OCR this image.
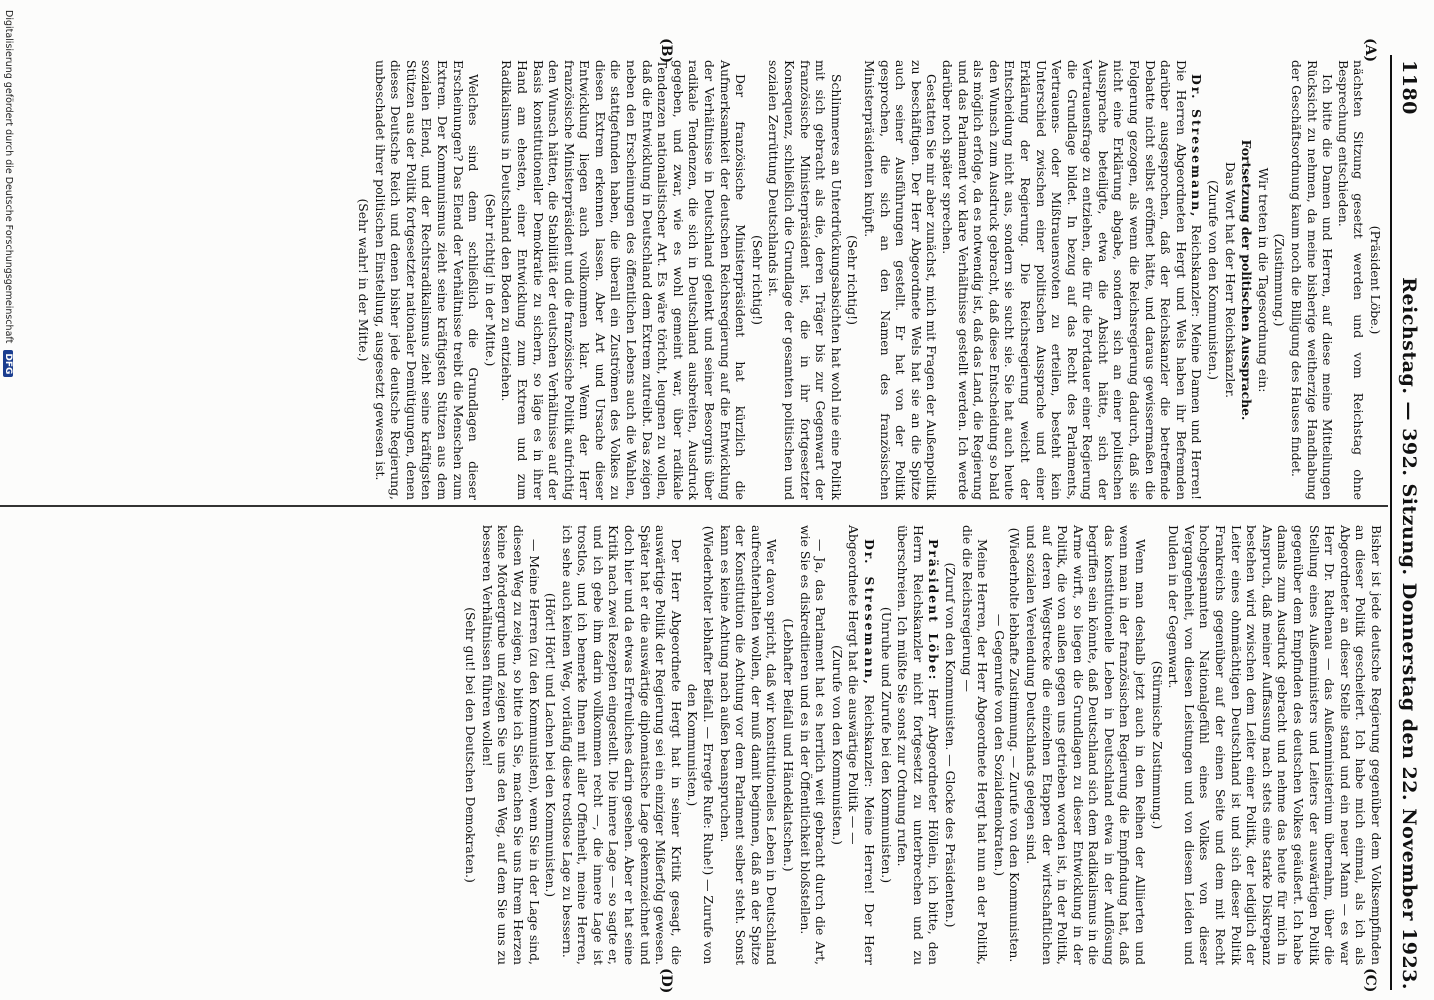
1180
Reichstag. — 392. Sitzung. Donnerstag den 22. November 1923.
(A)
(B)
(C)
(D)

(Präsident Löbe.)

nächsten Sitzung gesetzt werden und vom Reichstag ohne Besprechung entschieden.

Ich bitte die Damen und Herren, auf diese meine Mitteilungen Rücksicht zu nehmen, da meine bisherige weitherzige Handhabung der Geschäftsordnung kaum noch die Billigung des Hauses findet.

(Zustimmung.)

Wir treten in die Tagesordnung ein:

Fortsetzung der politischen Aussprache.

Das Wort hat der Herr Reichskanzler.

(Zurufe von den Kommunisten.)

Dr. Stresemann, Reichskanzler: Meine Damen und Herren! Die Herren Abgeordneten Hergt und Wels haben ihr Befremden darüber ausgesprochen, daß der Reichskanzler die betreffende Debatte nicht selbst eröffnet hätte, und daraus gewissermaßen die Folgerung gezogen, als wenn die Reichsregierung dadurch, daß sie nicht eine Erklärung abgabe, sondern sich an einer politischen Aussprache beteiligte, etwa die Absicht hätte, sich der Vertrauensfrage zu entziehen, die für die Fortdauer einer Regierung die Grundlage bildet. In bezug auf das Recht des Parlaments, Vertrauens- oder Mißtrauensvoten zu erteilen, besteht kein Unterschied zwischen einer politischen Aussprache und einer Erklärung der Regierung. Die Reichsregierung weicht der Entscheidung nicht aus, sondern sie sucht sie. Sie hat auch heute den Wunsch zum Ausdruck gebracht, daß diese Entscheidung so bald als möglich erfolge, da es notwendig ist, daß das Land, die Regierung und das Parlament vor klare Verhältnisse gestellt werden. Ich werde darüber noch später sprechen.

Gestatten Sie mir aber zunächst, mich mit Fragen der Außenpolitik zu beschäftigen. Der Herr Abgeordnete Wels hat sie an die Spitze auch seiner Ausführungen gestellt. Er hat von der Politik gesprochen, die sich an den Namen des französischen Ministerpräsidenten knüpft.

(Sehr richtig!)

Schlimmeres an Unterdrückungsabsichten hat wohl nie eine Politik mit sich gebracht als die, deren Träger bis zur Gegenwart der französische Ministerpräsident ist, die in ihr fortgesetzter Konsequenz, schließlich die Grundlage der gesamten politischen und sozialen Zerrüttung Deutschlands ist.

(Sehr richtig!)

Der französische Ministerpräsident hat kürzlich die Aufmerksamkeit der deutschen Reichsregierung auf die Entwicklung der Verhältnisse in Deutschland gelenkt und seiner Besorgnis über radikale Tendenzen, die sich in Deutschland ausbreiten, Ausdruck gegeben, und zwar, wie es wohl gemeint war, über radikale Tendenzen nationalistischer Art. Es wäre töricht, leugnen zu wollen, daß die Entwicklung in Deutschland dem Extrem zutreibt. Das zeigen neben den Erscheinungen des öffentlichen Lebens auch die Wahlen, die stattgefunden haben, die überall ein Zuströmen des Volkes zu diesen Extrem erkennen lassen. Aber Art und Ursache dieser Entwicklung liegen auch vollkommen klar. Wenn der Herr französische Ministerpräsident und die französische Politik aufrichtig den Wunsch hätten, die Stabilität der deutschen Verhältnisse auf der Basis konstitutioneller Demokratie zu sichern, so läge es in ihrer Hand am ehesten, einer Entwicklung zum Extrem und zum Radikalismus in Deutschland den Boden zu entziehen.

(Sehr richtig! in der Mitte.)

Welches sind denn schließlich die Grundlagen dieser Erscheinungen? Das Elend der Verhältnisse treibt die Menschen zum Extrem. Der Kommunismus zieht seine kräftigsten Stützen aus dem sozialen Elend, und der Rechtsradikalismus zieht seine kräftigsten Stützen aus der Politik fortgesetzter nationaler Demütigungen, denen dieses Deutsche Reich und denen bisher jede deutsche Regierung, unbeschadet ihrer politischen Einstellung, ausgesetzt gewesen ist.

(Sehr wahr! in der Mitte.)

Bisher ist jede deutsche Regierung gegenüber dem Volksempfinden an dieser Politik gescheitert. Ich habe mich einmal, als ich als Abgeordneter an dieser Stelle stand und ein neuer Mann — es war Herr Dr. Rathenau — das Außenministerium übernahm, über die Stellung eines Außenministers und Leiters der auswärtigen Politik gegenüber dem Empfinden des deutschen Volkes geäußert. Ich habe damals zum Ausdruck gebracht und nehme das heute für mich in Anspruch, daß meiner Auffassung nach stets eine starke Diskrepanz bestehen wird zwischen dem Leiter einer Politik, der lediglich der Leiter eines ohnmächtigen Deutschland ist und sich dieser Politik Frankreichs gegenüber auf der einen Seite und dem mit Recht hochgespannten Nationalgefühl eines Volkes von dieser Vergangenheit, von diesen Leistungen und von diesem Leiden und Dulden in der Gegenwart.

(Stürmische Zustimmung.)

Wenn man deshalb jetzt auch in den Reihen der Alliierten und wenn man in der französischen Regierung die Empfindung hat, daß das konstitutionelle Leben in Deutschland etwa in der Auflösung begriffen sein könnte, daß Deutschland sich dem Radikalismus in die Arme wirft, so liegen die Grundlagen zu dieser Entwicklung in der Politik, die von außen gegen uns getrieben worden ist, in der Politik, auf deren Wegstrecke die einzelnen Etappen der wirtschaftlichen und sozialen Verelendung Deutschlands gelegen sind.

(Wiederholte lebhafte Zustimmung. — Zurufe von den Kommunisten. — Gegenrufe von den Sozialdemokraten.)

Meine Herren, der Herr Abgeordnete Hergt hat nun an der Politik, die die Reichsregierung —

(Zuruf von den Kommunisten. — Glocke des Präsidenten.)

Präsident Löbe: Herr Abgeordneter Höllein, ich bitte, den Herrn Reichskanzler nicht fortgesetzt zu unterbrechen und zu überschreien. Ich müßte Sie sonst zur Ordnung rufen.

(Unruhe und Zurufe bei den Kommunisten.)

Dr. Stresemann, Reichskanzler: Meine Herren! Der Herr Abgeordnete Hergt hat die auswärtige Politik — —

(Zurufe von den Kommunisten.)

— Ja, das Parlament hat es herrlich weit gebracht durch die Art, wie Sie es diskreditieren und es in der Öffentlichkeit bloßstellen.

(Lebhafter Beifall und Händeklatschen.)

Wer davon spricht, daß wir konstitutionelles Leben in Deutschland aufrechterhalten wollen, der muß damit beginnen, daß an der Spitze der Konstitution die Achtung vor dem Parlament selber steht. Sonst kann es keine Achtung nach außen beanspruchen.

(Wiederholter lebhafter Beifall. — Erregte Rufe: Ruhe!) — Zurufe von den Kommunisten.)

Der Herr Abgeordnete Hergt hat in seiner Kritik gesagt, die auswärtige Politik der Regierung sei ein einziger Mißerfolg gewesen. Später hat er die auswärtige diplomatische Lage gekennzeichnet und doch hier und da etwas Erfreuliches darin gesehen. Aber er hat seine Kritik nach zwei Rezepten eingestellt. Die innere Lage — so sagte er, und ich gebe ihm darin vollkommen recht —, die innere Lage ist trostlos, und ich bemerke Ihnen mit aller Offenheit, meine Herren, ich sehe auch keinen Weg, vorläufig diese trostlose Lage zu bessern.

(Hört! Hört! und Lachen bei den Kommunisten.)

— Meine Herren (zu den Kommunisten), wenn Sie in der Lage sind, diesen Weg zu zeigen, so bitte ich Sie, machen Sie uns Ihrem Herzen keine Mördergrube und zeigen Sie uns den Weg, auf dem Sie uns zu besseren Verhältnissen führen wollen!

(Sehr gut! bei den Deutschen Demokraten.)

Digitalisierung gefördert durch die Deutsche Forschungsgemeinschaft DFG
